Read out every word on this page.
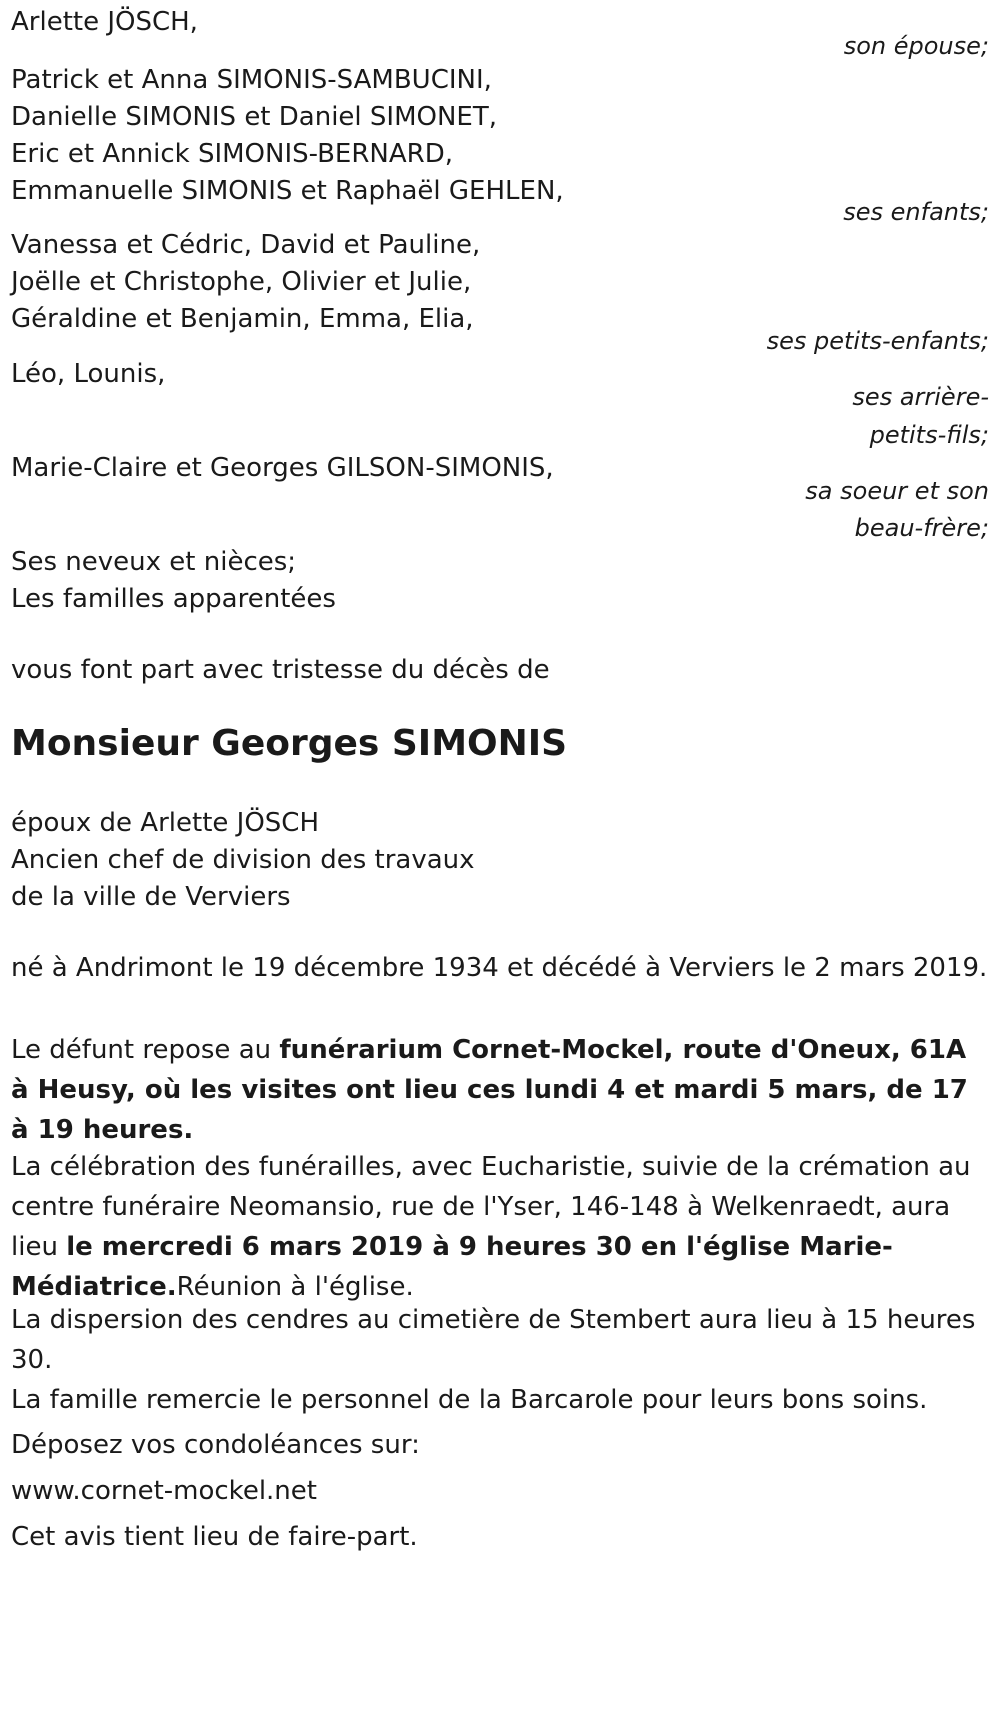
Arlette JÖSCH,
son épouse;
Patrick et Anna SIMONIS-SAMBUCINI,
Danielle SIMONIS et Daniel SIMONET,
Eric et Annick SIMONIS-BERNARD,
Emmanuelle SIMONIS et Raphaël GEHLEN,
ses enfants;
Vanessa et Cédric, David et Pauline,
Joëlle et Christophe, Olivier et Julie,
Géraldine et Benjamin, Emma, Elia,
ses petits-enfants;
Léo, Lounis,
ses arrière-
petits-fils;
Marie-Claire et Georges GILSON-SIMONIS,
sa soeur et son
beau-frère;
Ses neveux et nièces;
Les familles apparentées
vous font part avec tristesse du décès de
Monsieur Georges SIMONIS
époux de Arlette JÖSCH
Ancien chef de division des travaux
de la ville de Verviers
né à Andrimont le 19 décembre 1934 et décédé à Verviers le 2 mars 2019.
Le défunt repose au funérarium Cornet-Mockel, route d'Oneux, 61A à Heusy, où les visites ont lieu ces lundi 4 et mardi 5 mars, de 17 à 19 heures.
La célébration des funérailles, avec Eucharistie, suivie de la crémation au centre funéraire Neomansio, rue de l'Yser, 146-148 à Welkenraedt, aura lieu le mercredi 6 mars 2019 à 9 heures 30 en l'église Marie-Médiatrice.Réunion à l'église.
La dispersion des cendres au cimetière de Stembert aura lieu à 15 heures 30.
La famille remercie le personnel de la Barcarole pour leurs bons soins.
Déposez vos condoléances sur:
www.cornet-mockel.net
Cet avis tient lieu de faire-part.
